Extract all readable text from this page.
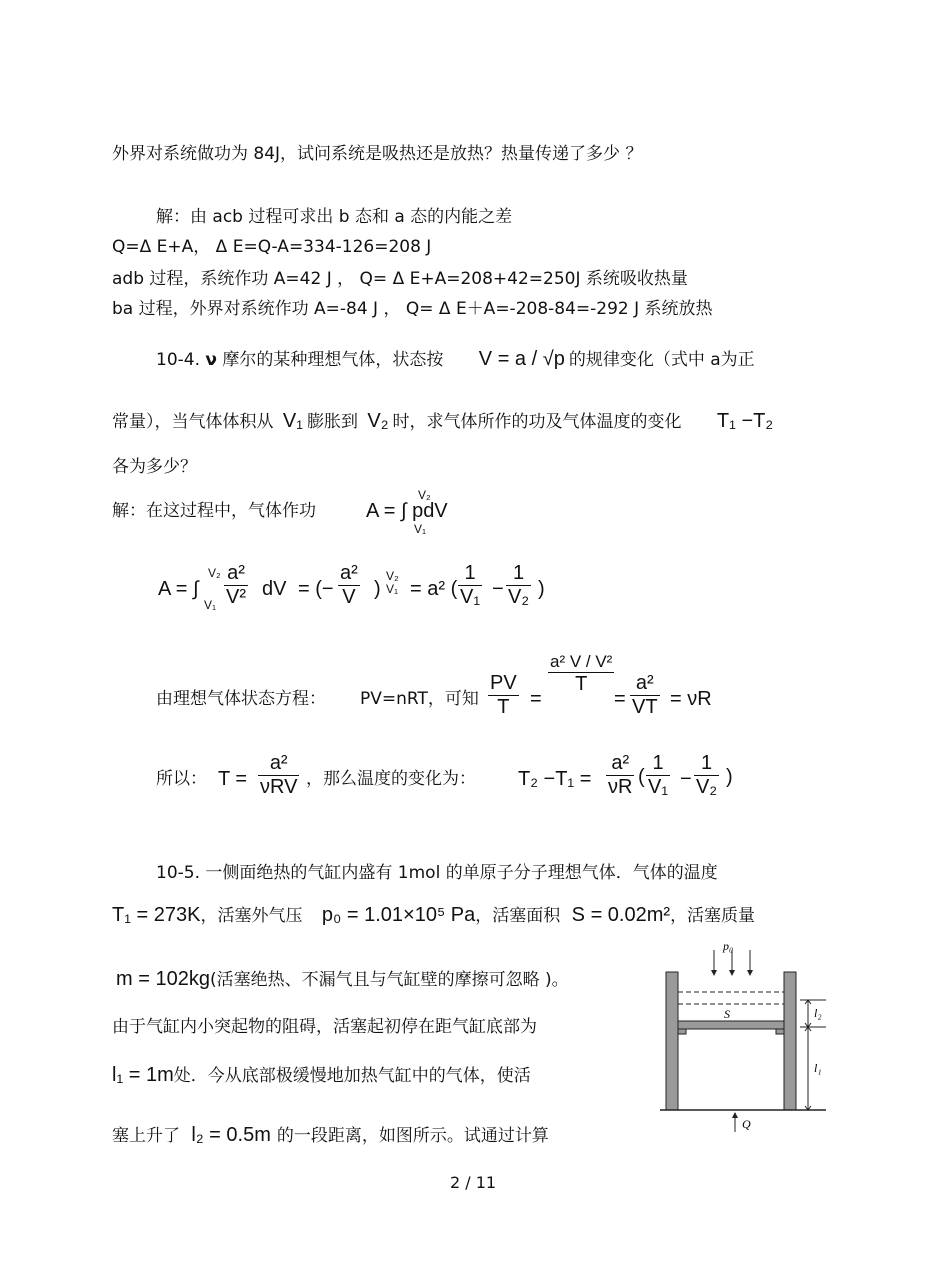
外界对系统做功为 84J，试问系统是吸热还是放热？热量传递了多少 ？
解：由 acb 过程可求出 b 态和 a 态的内能之差
Q=Δ E+A， Δ E=Q-A=334-126=208 J
adb 过程，系统作功 A=42 J ， Q= Δ E+A=208+42=250J 系统吸收热量
ba 过程，外界对系统作功 A=-84 J ， Q= Δ E＋A=-208-84=-292 J 系统放热
10-4. ν 摩尔的某种理想气体，状态按 V = a / √p 的规律变化（式中 a为正
常量），当气体体积从 V₁ 膨胀到 V₂ 时，求气体所作的功及气体温度的变化 T₁ −T₂
各为多少？
解：在这过程中，气体作功	A = ∫ pdV
V₂
V₁
A = ∫
V₂
V₁
a²
V² dV = (−
a²
V )
V₂
V₁ = a² (
1
V₁ −
1
V₂ )
由理想气体状态方程： PV=nRT，可知
PV
T	=
a² V / V²
T
=
a²
VT = νR
所以： T =
a²
νRV ，那么温度的变化为： T₂ −T₁ =
a²
νR (
1
V₁ −
1
V₂ )
10-5. 一侧面绝热的气缸内盛有 1mol 的单原子分子理想气体．气体的温度
T₁ = 273K，活塞外气压 p₀ = 1.01×10⁵ Pa，活塞面积 S = 0.02m²，活塞质量
m = 102kg(活塞绝热、不漏气且与气缸壁的摩擦可忽略 )。
由于气缸内小突起物的阻碍，活塞起初停在距气缸底部为
l₁ = 1m处．今从底部极缓慢地加热气缸中的气体，使活
塞上升了 l₂ = 0.5m 的一段距离，如图所示。试通过计算
p₀
S	l₂
l₁
Q
2 / 11
